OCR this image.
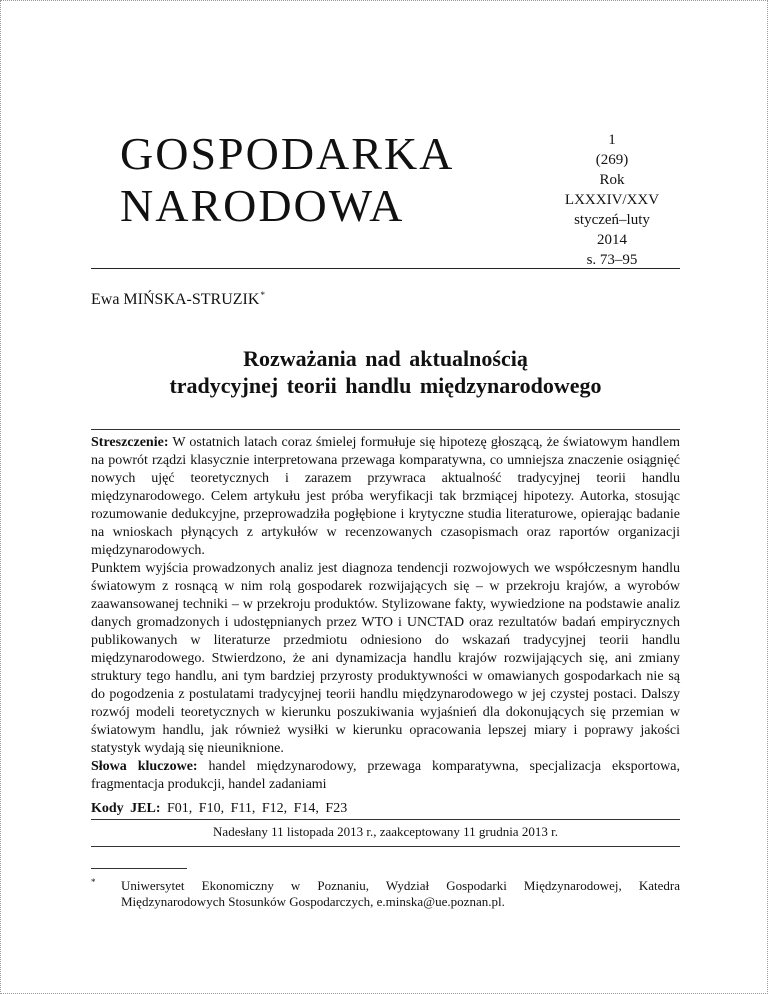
GOSPODARKA
NARODOWA
1
(269)
Rok LXXXIV/XXV
styczeń–luty
2014
s. 73–95
Ewa MIŃSKA-STRUZIK*
Rozważania nad aktualnością
tradycyjnej teorii handlu międzynarodowego

Streszczenie: W ostatnich latach coraz śmielej formułuje się hipotezę głoszącą, że światowym handlem na powrót rządzi klasycznie interpretowana przewaga komparatywna, co umniejsza znaczenie osiągnięć nowych ujęć teoretycznych i zarazem przywraca aktualność tradycyjnej teorii handlu międzynarodowego. Celem artykułu jest próba weryfikacji tak brzmiącej hipotezy. Autorka, stosując rozumowanie dedukcyjne, przeprowadziła pogłębione i krytyczne studia literaturowe, opierając badanie na wnioskach płynących z artykułów w recenzowanych czasopismach oraz raportów organizacji międzynarodowych.

Punktem wyjścia prowadzonych analiz jest diagnoza tendencji rozwojowych we współczesnym handlu światowym z rosnącą w nim rolą gospodarek rozwijających się – w przekroju krajów, a wyrobów zaawansowanej techniki – w przekroju produktów. Stylizowane fakty, wywiedzione na podstawie analiz danych gromadzonych i udostępnianych przez WTO i UNCTAD oraz rezultatów badań empirycznych publikowanych w literaturze przedmiotu odniesiono do wskazań tradycyjnej teorii handlu międzynarodowego. Stwierdzono, że ani dynamizacja handlu krajów rozwijających się, ani zmiany struktury tego handlu, ani tym bardziej przyrosty produktywności w omawianych gospodarkach nie są do pogodzenia z postulatami tradycyjnej teorii handlu międzynarodowego w jej czystej postaci. Dalszy rozwój modeli teoretycznych w kierunku poszukiwania wyjaśnień dla dokonujących się przemian w światowym handlu, jak również wysiłki w kierunku opracowania lepszej miary i poprawy jakości statystyk wydają się nieuniknione.

Słowa kluczowe: handel międzynarodowy, przewaga komparatywna, specjalizacja eksportowa, fragmentacja produkcji, handel zadaniami
Kody JEL: F01, F10, F11, F12, F14, F23
Nadesłany 11 listopada 2013 r., zaakceptowany 11 grudnia 2013 r.
*	Uniwersytet Ekonomiczny w Poznaniu, Wydział Gospodarki Międzynarodowej, Katedra Międzynarodowych Stosunków Gospodarczych, e.minska@ue.poznan.pl.
